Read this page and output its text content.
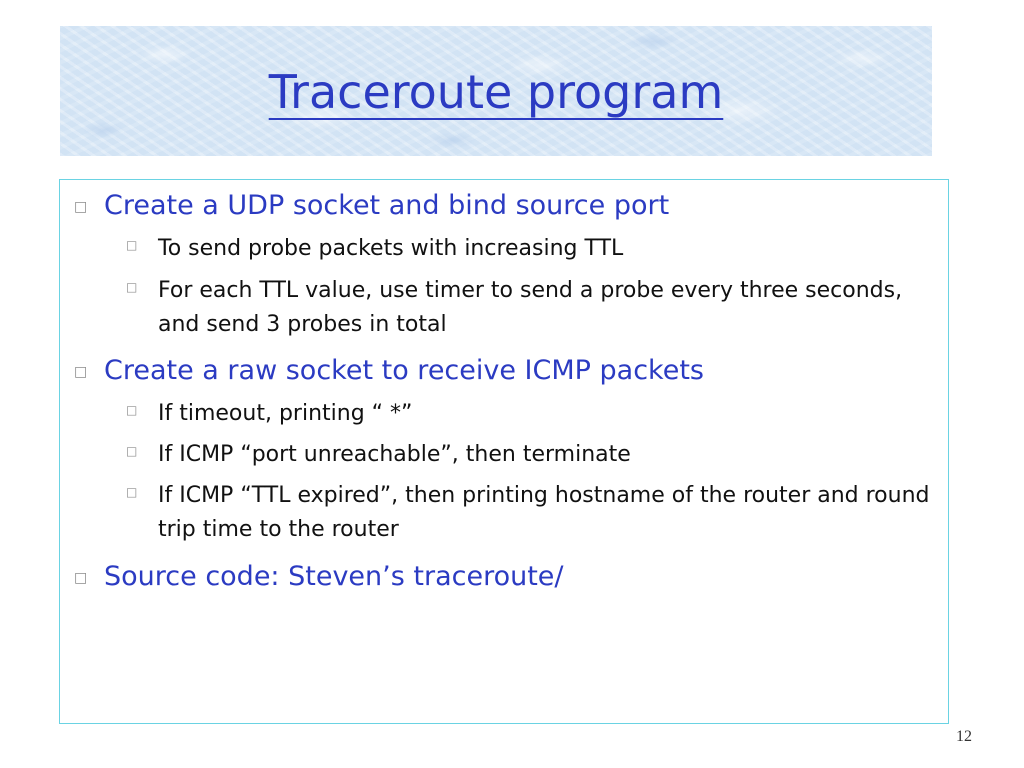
Traceroute program
□ Create a UDP socket and bind source port
□ To send probe packets with increasing TTL
□ For each TTL value, use timer to send a probe every three seconds, and send 3 probes in total
□ Create a raw socket to receive ICMP packets
□ If timeout, printing “ *”
□ If ICMP “port unreachable”, then terminate
□ If ICMP “TTL expired”, then printing hostname of the router and round trip time to the router
□ Source code: Steven’s traceroute/
12
